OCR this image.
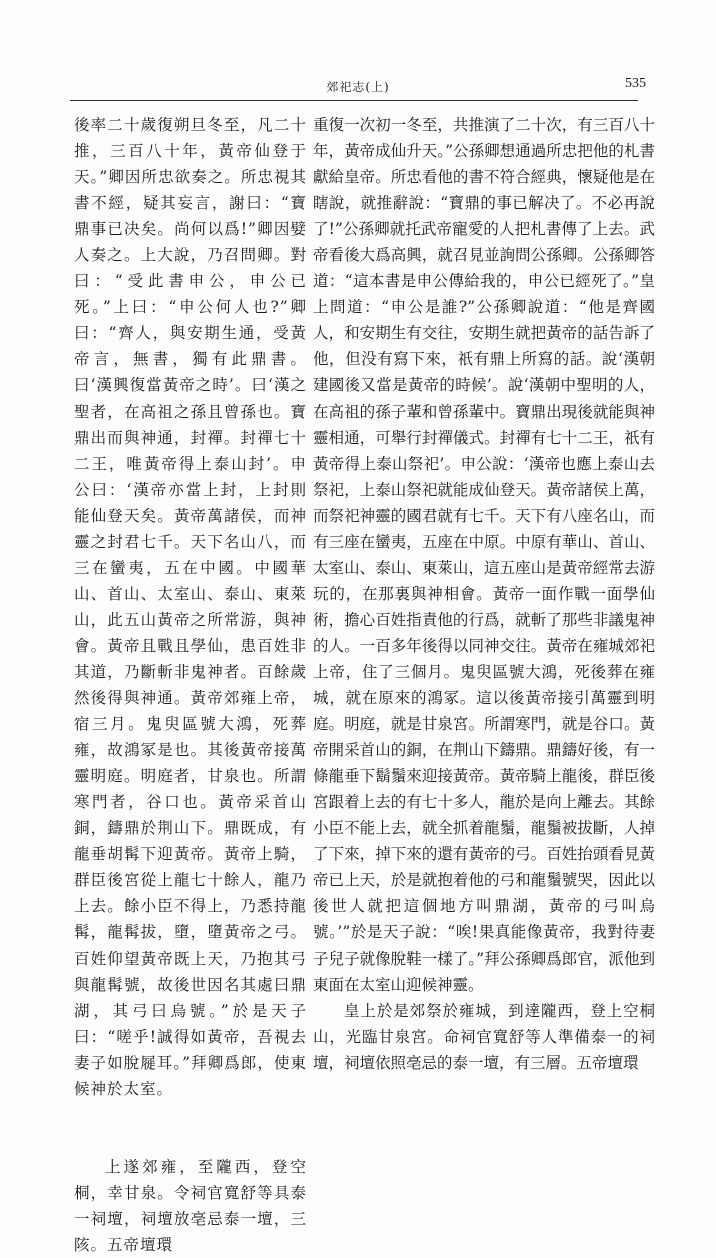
郊祀志(上)	535

後率二十歲復朔旦冬至，凡二十推，三百八十年，黃帝仙登于天。”卿因所忠欲奏之。所忠視其書不經，疑其妄言，謝曰：“寶鼎事已决矣。尚何以爲!”卿因嬖人奏之。上大說，乃召問卿。對曰：“受此書申公，申公已死。”上曰：“申公何人也?”卿曰：“齊人，與安期生通，受黃帝言，無書，獨有此鼎書。曰‘漢興復當黃帝之時’。曰‘漢之聖者，在高祖之孫且曾孫也。寶鼎出而與神通，封禪。封禪七十二王，唯黃帝得上泰山封’。申公曰：‘漢帝亦當上封，上封則能仙登天矣。黃帝萬諸侯，而神靈之封君七千。天下名山八，而三在蠻夷，五在中國。中國華山、首山、太室山、泰山、東萊山，此五山黃帝之所常游，與神會。黃帝且戰且學仙，患百姓非其道，乃斷斬非鬼神者。百餘歲然後得與神通。黃帝郊雍上帝，宿三月。鬼臾區號大鴻，死葬雍，故鴻冢是也。其後黃帝接萬靈明庭。明庭者，甘泉也。所謂寒門者，谷口也。黃帝采首山銅，鑄鼎於荆山下。鼎既成，有龍垂胡髯下迎黃帝。黃帝上騎，群臣後宮從上龍七十餘人，龍乃上去。餘小臣不得上，乃悉持龍髯，龍髯拔，墮，墮黃帝之弓。百姓仰望黃帝既上天，乃抱其弓與龍髯號，故後世因名其處曰鼎湖，其弓曰烏號。”於是天子曰：“嗟乎!誠得如黃帝，吾視去妻子如脫屣耳。”拜卿爲郎，使東候神於太室。

上遂郊雍，至隴西，登空桐，幸甘泉。令祠官寬舒等具泰一祠壇，祠壇放亳忌泰一壇，三陔。五帝壇環

重復一次初一冬至，共推演了二十次，有三百八十年，黃帝成仙升天。”公孫卿想通過所忠把他的札書獻給皇帝。所忠看他的書不符合經典，懷疑他是在瞎說，就推辭說：“寶鼎的事已解决了。不必再說了!”公孫卿就托武帝寵愛的人把札書傳了上去。武帝看後大爲高興，就召見並詢問公孫卿。公孫卿答道：“這本書是申公傳給我的，申公已經死了。”皇上問道：“申公是誰?”公孫卿說道：“他是齊國人，和安期生有交往，安期生就把黃帝的話告訴了他，但没有寫下來，祇有鼎上所寫的話。說‘漢朝建國後又當是黃帝的時候’。說‘漢朝中聖明的人，在高祖的孫子輩和曾孫輩中。寶鼎出現後就能與神靈相通，可舉行封禪儀式。封禪有七十二王，祇有黃帝得上泰山祭祀’。申公說：‘漢帝也應上泰山去祭祀，上泰山祭祀就能成仙登天。黃帝諸侯上萬，而祭祀神靈的國君就有七千。天下有八座名山，而有三座在蠻夷，五座在中原。中原有華山、首山、太室山、泰山、東萊山，這五座山是黃帝經常去游玩的，在那裏與神相會。黃帝一面作戰一面學仙術，擔心百姓指責他的行爲，就斬了那些非議鬼神的人。一百多年後得以同神交往。黃帝在雍城郊祀上帝，住了三個月。鬼臾區號大鴻，死後葬在雍城，就在原來的鴻冢。這以後黃帝接引萬靈到明庭。明庭，就是甘泉宮。所謂寒門，就是谷口。黃帝開采首山的銅，在荆山下鑄鼎。鼎鑄好後，有一條龍垂下鬍鬚來迎接黃帝。黃帝騎上龍後，群臣後宮跟着上去的有七十多人，龍於是向上離去。其餘小臣不能上去，就全抓着龍鬚，龍鬚被拔斷，人掉了下來，掉下來的還有黃帝的弓。百姓抬頭看見黃帝已上天，於是就抱着他的弓和龍鬚號哭，因此以後世人就把這個地方叫鼎湖，黃帝的弓叫烏號。’”於是天子說：“唉!果真能像黃帝，我對待妻子兒子就像脫鞋一樣了。”拜公孫卿爲郎官，派他到東面在太室山迎候神靈。

皇上於是郊祭於雍城，到達隴西，登上空桐山，光臨甘泉宮。命祠官寬舒等人準備泰一的祠壇，祠壇依照亳忌的泰一壇，有三層。五帝壇環
